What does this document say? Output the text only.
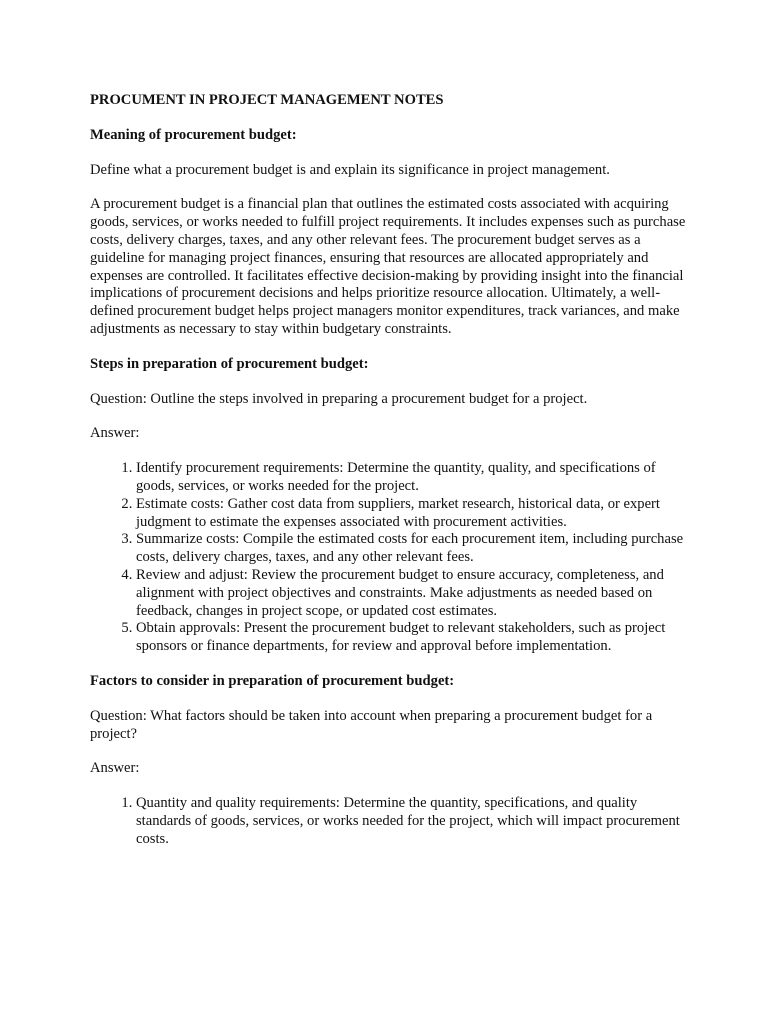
PROCUMENT IN PROJECT MANAGEMENT NOTES

Meaning of procurement budget:

Define what a procurement budget is and explain its significance in project management.

A procurement budget is a financial plan that outlines the estimated costs associated with acquiring goods, services, or works needed to fulfill project requirements. It includes expenses such as purchase costs, delivery charges, taxes, and any other relevant fees. The procurement budget serves as a guideline for managing project finances, ensuring that resources are allocated appropriately and expenses are controlled. It facilitates effective decision-making by providing insight into the financial implications of procurement decisions and helps prioritize resource allocation. Ultimately, a well-defined procurement budget helps project managers monitor expenditures, track variances, and make adjustments as necessary to stay within budgetary constraints.

Steps in preparation of procurement budget:

Question: Outline the steps involved in preparing a procurement budget for a project.

Answer:

1. Identify procurement requirements: Determine the quantity, quality, and specifications of goods, services, or works needed for the project.
2. Estimate costs: Gather cost data from suppliers, market research, historical data, or expert judgment to estimate the expenses associated with procurement activities.
3. Summarize costs: Compile the estimated costs for each procurement item, including purchase costs, delivery charges, taxes, and any other relevant fees.
4. Review and adjust: Review the procurement budget to ensure accuracy, completeness, and alignment with project objectives and constraints. Make adjustments as needed based on feedback, changes in project scope, or updated cost estimates.
5. Obtain approvals: Present the procurement budget to relevant stakeholders, such as project sponsors or finance departments, for review and approval before implementation.

Factors to consider in preparation of procurement budget:

Question: What factors should be taken into account when preparing a procurement budget for a project?

Answer:

1. Quantity and quality requirements: Determine the quantity, specifications, and quality standards of goods, services, or works needed for the project, which will impact procurement costs.
